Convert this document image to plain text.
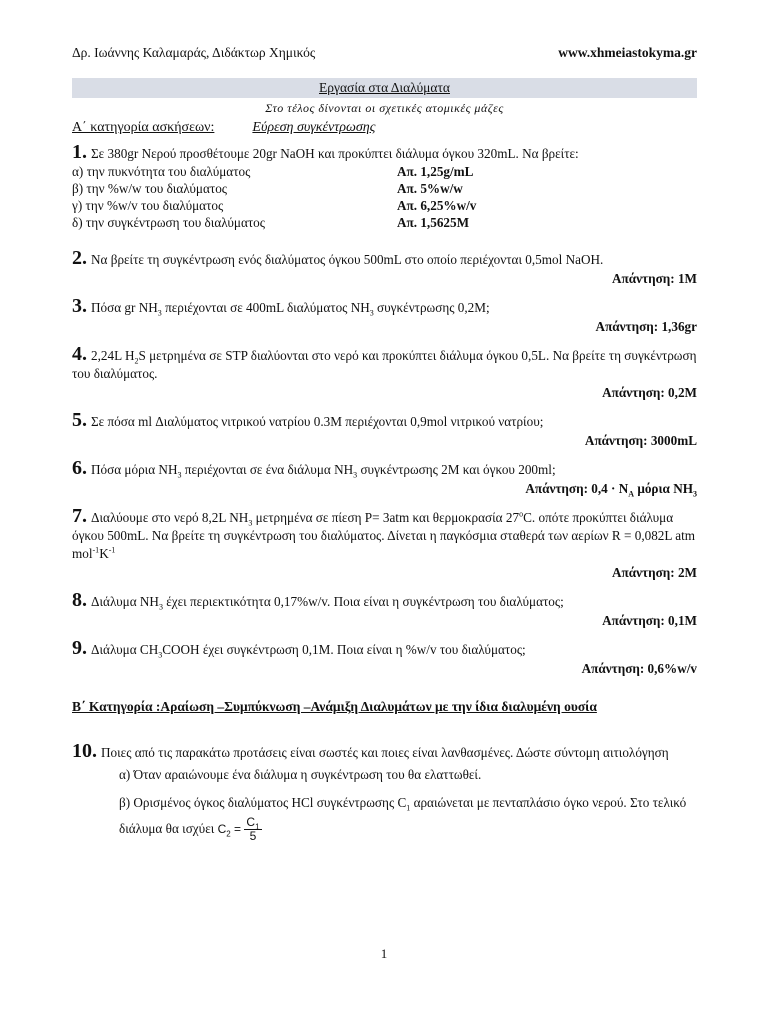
Δρ. Ιωάννης Καλαμαράς, Διδάκτωρ Χημικός	www.xhmeiastokyma.gr
Εργασία στα Διαλύματα
Στο τέλος δίνονται οι σχετικές ατομικές μάζες
Α΄ κατηγορία ασκήσεων:	Εύρεση συγκέντρωσης
1. Σε 380gr Νερού προσθέτουμε 20gr NaOH και προκύπτει διάλυμα όγκου 320mL. Να βρείτε:
α) την πυκνότητα του διαλύματος	Απ. 1,25g/mL
β) την %w/w του διαλύματος	Απ. 5%w/w
γ) την %w/v του διαλύματος	Απ. 6,25%w/v
δ) την συγκέντρωση του διαλύματος	Απ. 1,5625M
2. Να βρείτε τη συγκέντρωση ενός διαλύματος όγκου 500mL στο οποίο περιέχονται 0,5mol NaOH.
Απάντηση: 1M
3. Πόσα gr $NH_3$ περιέχονται σε 400mL διαλύματος $NH_3$ συγκέντρωσης 0,2M;
Απάντηση: 1,36gr
4. 2,24L $H_2S$ μετρημένα σε STP διαλύονται στο νερό και προκύπτει διάλυμα όγκου 0,5L. Να βρείτε τη συγκέντρωση του διαλύματος.
Απάντηση: 0,2M
5. Σε πόσα ml Διαλύματος νιτρικού νατρίου 0.3M περιέχονται 0,9mol νιτρικού νατρίου;
Απάντηση: 3000mL
6. Πόσα μόρια $NH_3$ περιέχονται σε ένα διάλυμα $NH_3$ συγκέντρωσης 2M και όγκου 200ml;
Απάντηση: $0,4 \cdot N_A$ μόρια $NH_3$
7. Διαλύουμε στο νερό 8,2L $NH_3$ μετρημένα σε πίεση P= 3atm και θερμοκρασία 27$^o$C. οπότε προκύπτει διάλυμα όγκου 500mL. Να βρείτε τη συγκέντρωση του διαλύματος. Δίνεται η παγκόσμια σταθερά των αερίων R = 0,082L atm $mol^{-1}K^{-1}$
Απάντηση: 2M
8. Διάλυμα $NH_3$ έχει περιεκτικότητα 0,17%w/v. Ποια είναι η συγκέντρωση του διαλύματος;
Απάντηση: 0,1M
9. Διάλυμα $CH_3COOH$ έχει συγκέντρωση 0,1M. Ποια είναι η %w/v του διαλύματος;
Απάντηση: 0,6%w/v
Β΄ Κατηγορία :Αραίωση –Συμπύκνωση –Ανάμιξη Διαλυμάτων με την ίδια διαλυμένη ουσία
10. Ποιες από τις παρακάτω προτάσεις είναι σωστές και ποιες είναι λανθασμένες. Δώστε σύντομη αιτιολόγηση
α) Όταν αραιώνουμε ένα διάλυμα η συγκέντρωση του θα ελαττωθεί.
β) Ορισμένος όγκος διαλύματος HCl συγκέντρωσης $C_1$ αραιώνεται με πενταπλάσιο όγκο νερού. Στο τελικό διάλυμα θα ισχύει $C_2 = \frac{C_1}{5}$
1
